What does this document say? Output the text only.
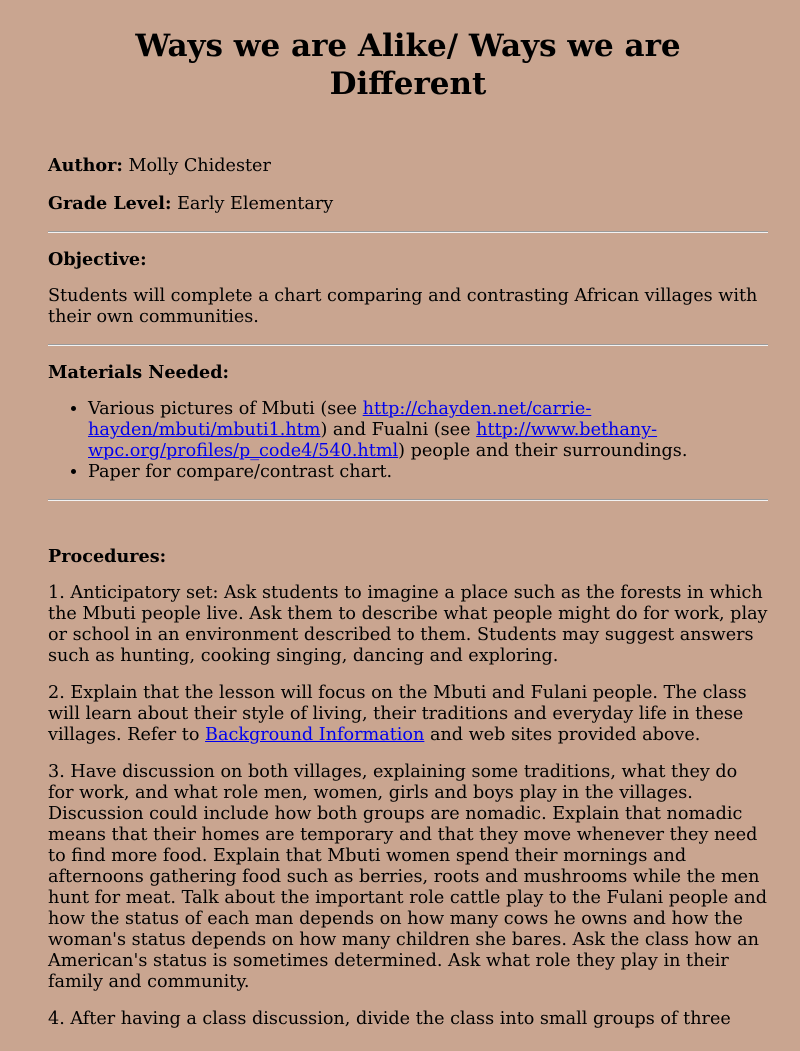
Ways we are Alike/ Ways we are Different

Author: Molly Chidester

Grade Level: Early Elementary

Objective:

Students will complete a chart comparing and contrasting African villages with their own communities.

Materials Needed:

• Various pictures of Mbuti (see http://chayden.net/carrie-hayden/mbuti/mbuti1.htm) and Fualni (see http://www.bethany-wpc.org/profiles/p_code4/540.html) people and their surroundings.
• Paper for compare/contrast chart.

Procedures:

1. Anticipatory set: Ask students to imagine a place such as the forests in which the Mbuti people live. Ask them to describe what people might do for work, play or school in an environment described to them. Students may suggest answers such as hunting, cooking singing, dancing and exploring.

2. Explain that the lesson will focus on the Mbuti and Fulani people. The class will learn about their style of living, their traditions and everyday life in these villages. Refer to Background Information and web sites provided above.

3. Have discussion on both villages, explaining some traditions, what they do for work, and what role men, women, girls and boys play in the villages. Discussion could include how both groups are nomadic. Explain that nomadic means that their homes are temporary and that they move whenever they need to find more food. Explain that Mbuti women spend their mornings and afternoons gathering food such as berries, roots and mushrooms while the men hunt for meat. Talk about the important role cattle play to the Fulani people and how the status of each man depends on how many cows he owns and how the woman's status depends on how many children she bares. Ask the class how an American's status is sometimes determined. Ask what role they play in their family and community.

4. After having a class discussion, divide the class into small groups of three
